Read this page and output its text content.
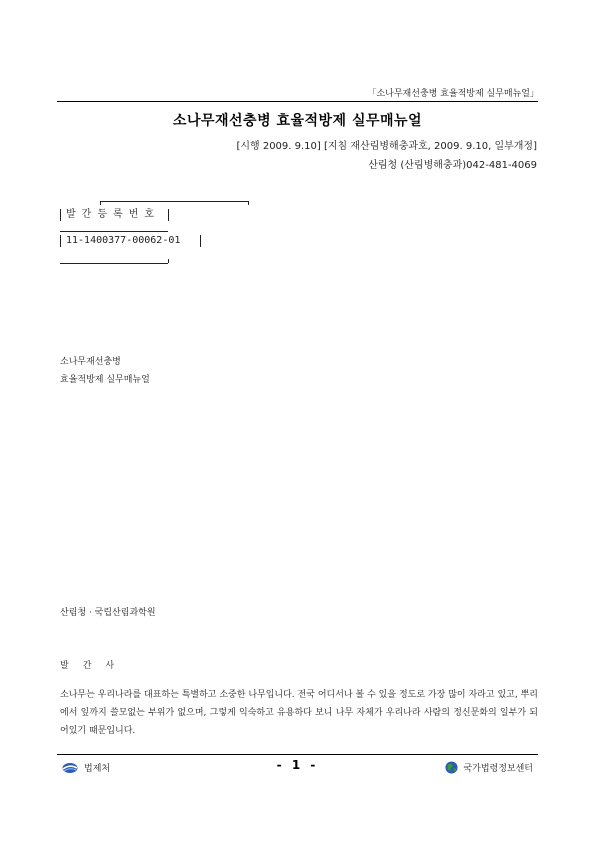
「소나무재선충병 효율적방제 실무매뉴얼」
소나무재선충병 효율적방제 실무매뉴얼
[시행 2009. 9.10] [지침 재산림병해충과호, 2009. 9.10, 일부개정]
산림청 (산림병해충과)042-481-4069

발 간 등 록 번 호

11-1400377-00062-01

소나무재선충병
효율적방제 실무매뉴얼
산림청 · 국립산림과학원
발간사
소나무는 우리나라를 대표하는 특별하고 소중한 나무입니다. 전국 어디서나 볼 수 있을 정도로 가장 많이 자라고 있고, 뿌리에서 잎까지 쓸모없는 부위가 없으며, 그렇게 익숙하고 유용하다 보니 나무 자체가 우리나라 사람의 정신문화의 일부가 되어있기 때문입니다.
법제처	- 1 -	국가법령정보센터
